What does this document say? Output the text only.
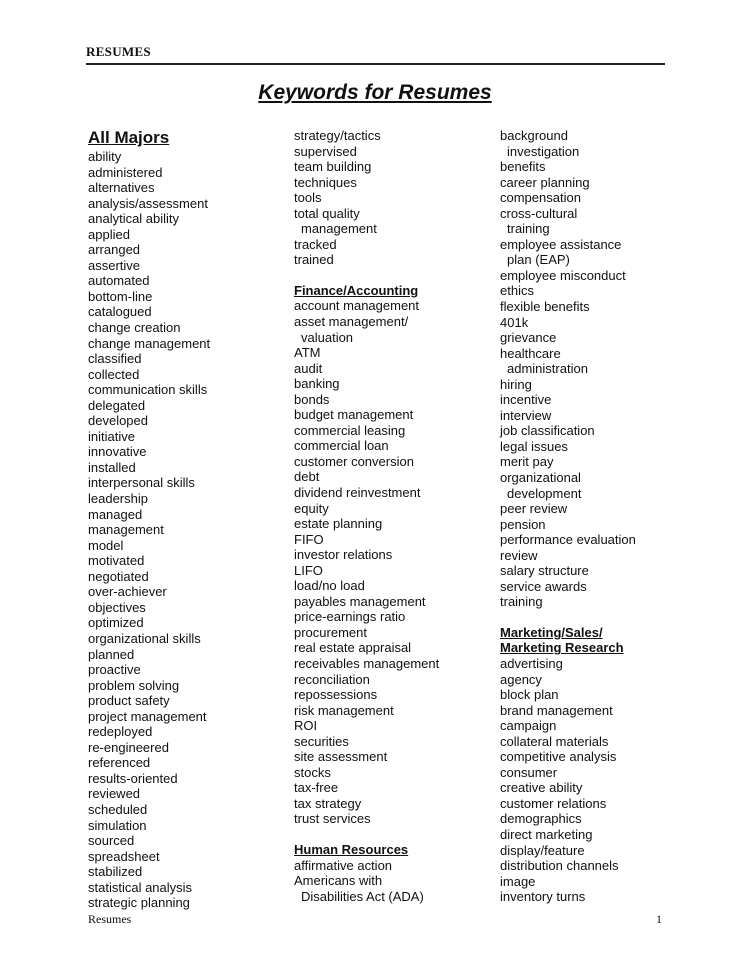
RESUMES
Keywords for Resumes
All Majors
ability
administered
alternatives
analysis/assessment
analytical ability
applied
arranged
assertive
automated
bottom-line
catalogued
change creation
change management
classified
collected
communication skills
delegated
developed
initiative
innovative
installed
interpersonal skills
leadership
managed
management
model
motivated
negotiated
over-achiever
objectives
optimized
organizational skills
planned
proactive
problem solving
product safety
project management
redeployed
re-engineered
referenced
results-oriented
reviewed
scheduled
simulation
sourced
spreadsheet
stabilized
statistical analysis
strategic planning
strategy/tactics
supervised
team building
techniques
tools
total quality
management
tracked
trained
Finance/Accounting
account management
asset management/
valuation
ATM
audit
banking
bonds
budget management
commercial leasing
commercial loan
customer conversion
debt
dividend reinvestment
equity
estate planning
FIFO
investor relations
LIFO
load/no load
payables management
price-earnings ratio
procurement
real estate appraisal
receivables management
reconciliation
repossessions
risk management
ROI
securities
site assessment
stocks
tax-free
tax strategy
trust services
Human Resources
affirmative action
Americans with
Disabilities Act (ADA)
background
investigation
benefits
career planning
compensation
cross-cultural
training
employee assistance
plan (EAP)
employee misconduct
ethics
flexible benefits
401k
grievance
healthcare
administration
hiring
incentive
interview
job classification
legal issues
merit pay
organizational
development
peer review
pension
performance evaluation
review
salary structure
service awards
training
Marketing/Sales/
Marketing Research
advertising
agency
block plan
brand management
campaign
collateral materials
competitive analysis
consumer
creative ability
customer relations
demographics
direct marketing
display/feature
distribution channels
image
inventory turns
Resumes	1
